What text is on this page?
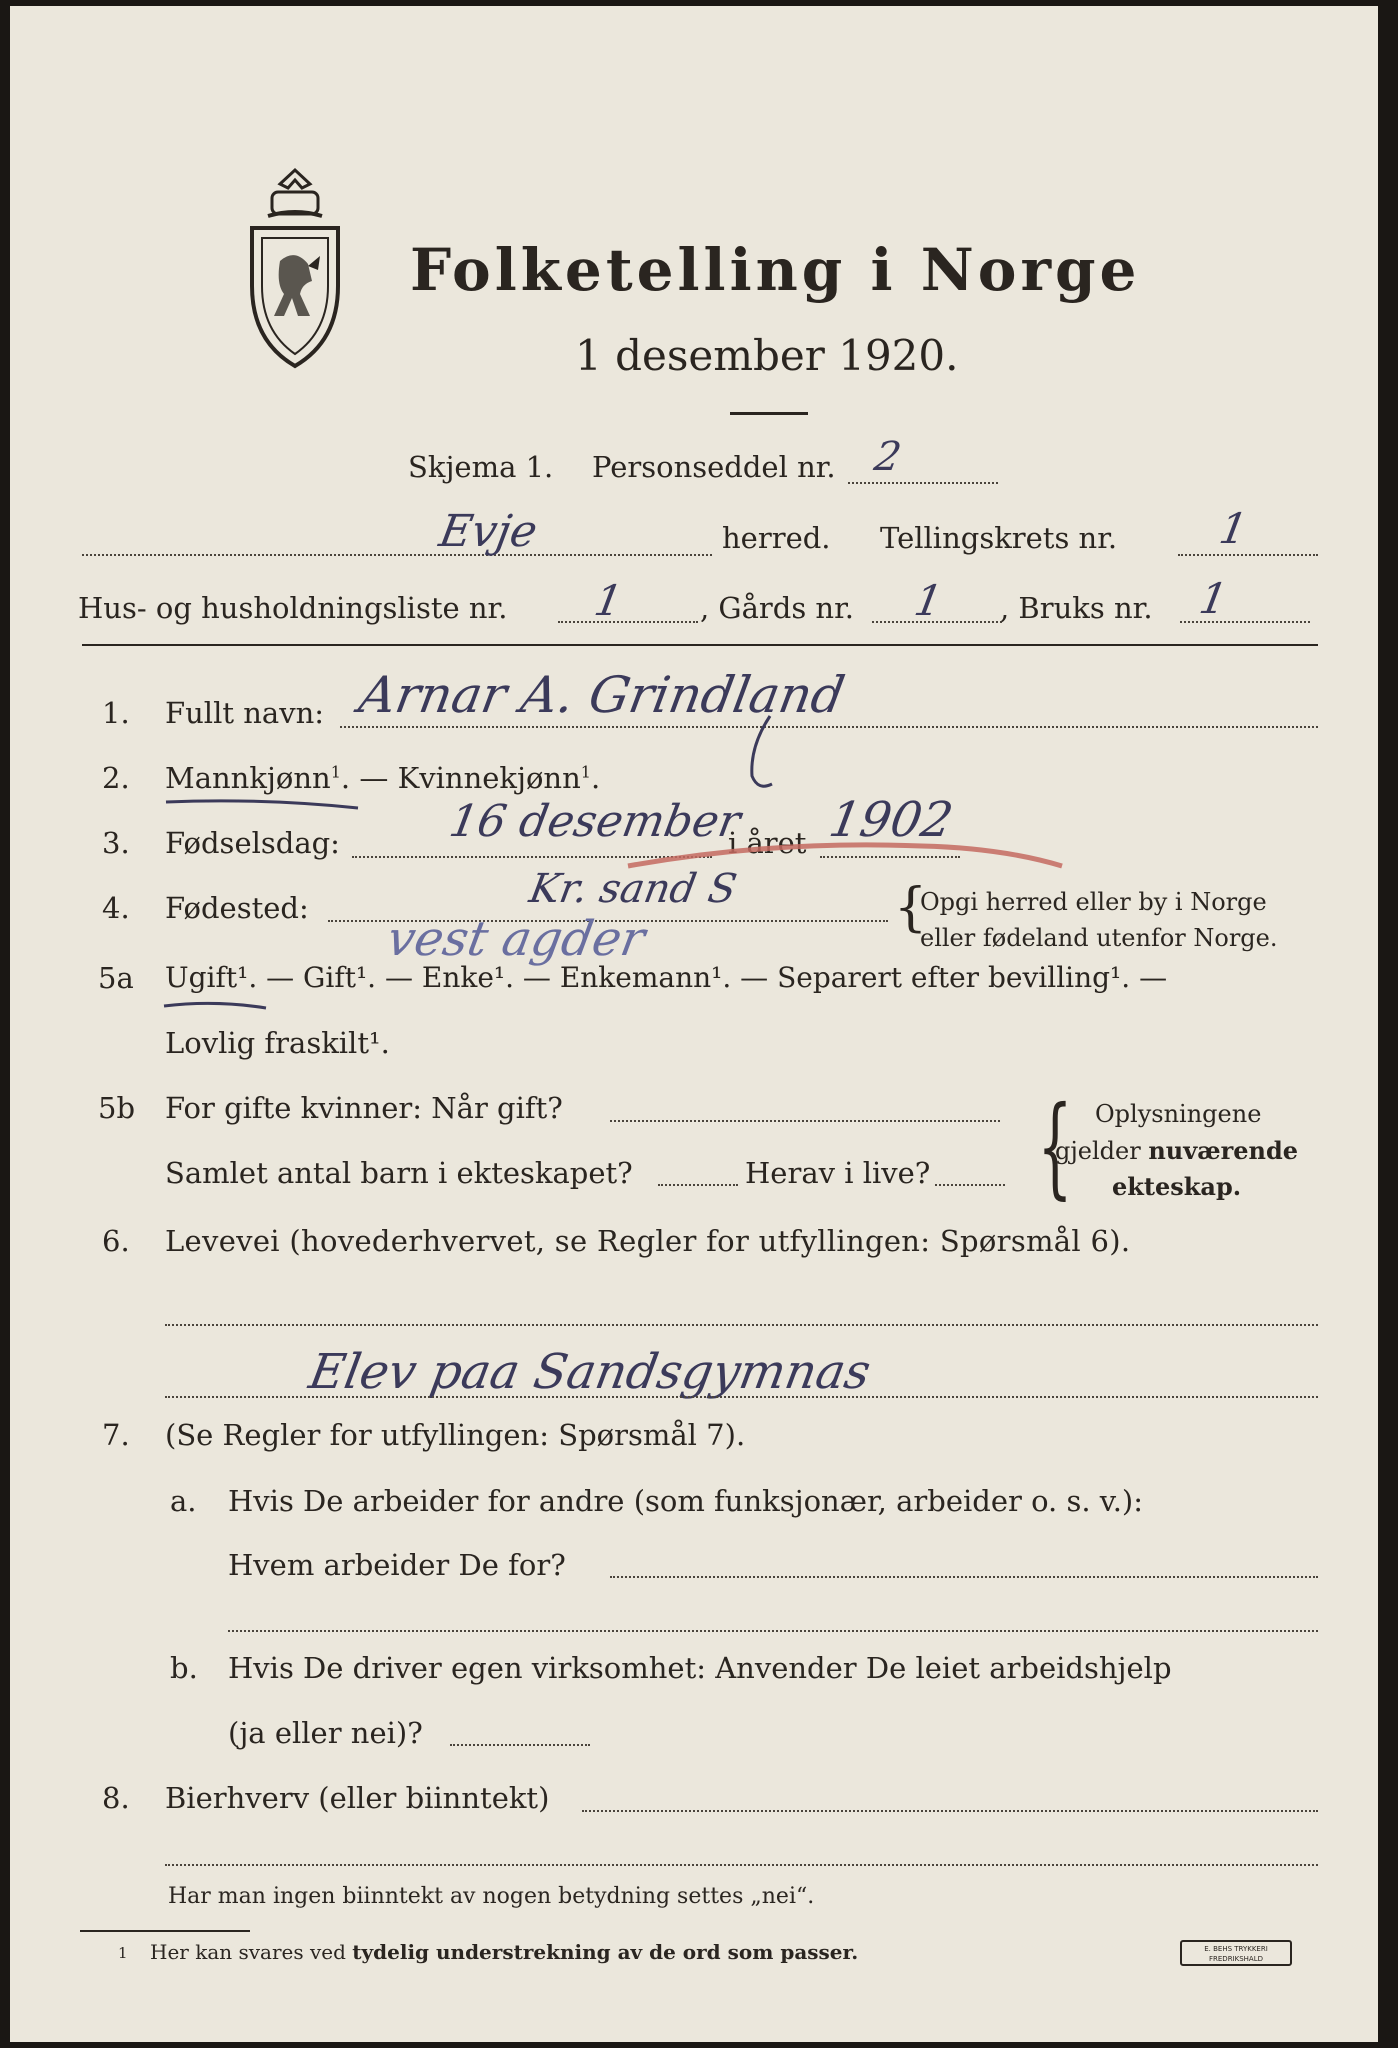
Folketelling i Norge
1 desember 1920.
Skjema 1. Personseddel nr. 2
Evje	herred. Tellingskrets nr. 1
Hus- og husholdningsliste nr. 1	, Gårds nr. 1 , Bruks nr. 1
1. Fullt navn: Arnar A. Grindland
2. Mannkjønn$^1$. — Kvinnekjønn$^1$.
3. Fødselsdag: 16 desember
i året 1902
4. Fødested:	Kr. sand S
vest agder
{
Opgi herred eller by i Norge
eller fødeland utenfor Norge.
5a Ugift¹. — Gift¹. — Enke¹. — Enkemann¹. — Separert efter bevilling¹. —
Lovlig fraskilt¹.
5b For gifte kvinner: Når gift?
Samlet antal barn i ekteskapet?	Herav i live? { Oplysningene
gjelder nuværende
ekteskap.
6. Levevei (hovederhvervet, se Regler for utfyllingen: Spørsmål 6).
Elev paa Sandsgymnas
7. (Se Regler for utfyllingen: Spørsmål 7).
a. Hvis De arbeider for andre (som funksjonær, arbeider o. s. v.):
Hvem arbeider De for?
b. Hvis De driver egen virksomhet: Anvender De leiet arbeidshjelp
(ja eller nei)?
8. Bierhverv (eller biinntekt)
Har man ingen biinntekt av nogen betydning settes „nei“.
1 Her kan svares ved tydelig understrekning av de ord som passer.	E. BEHS TRYKKERI FREDRIKSHALD
